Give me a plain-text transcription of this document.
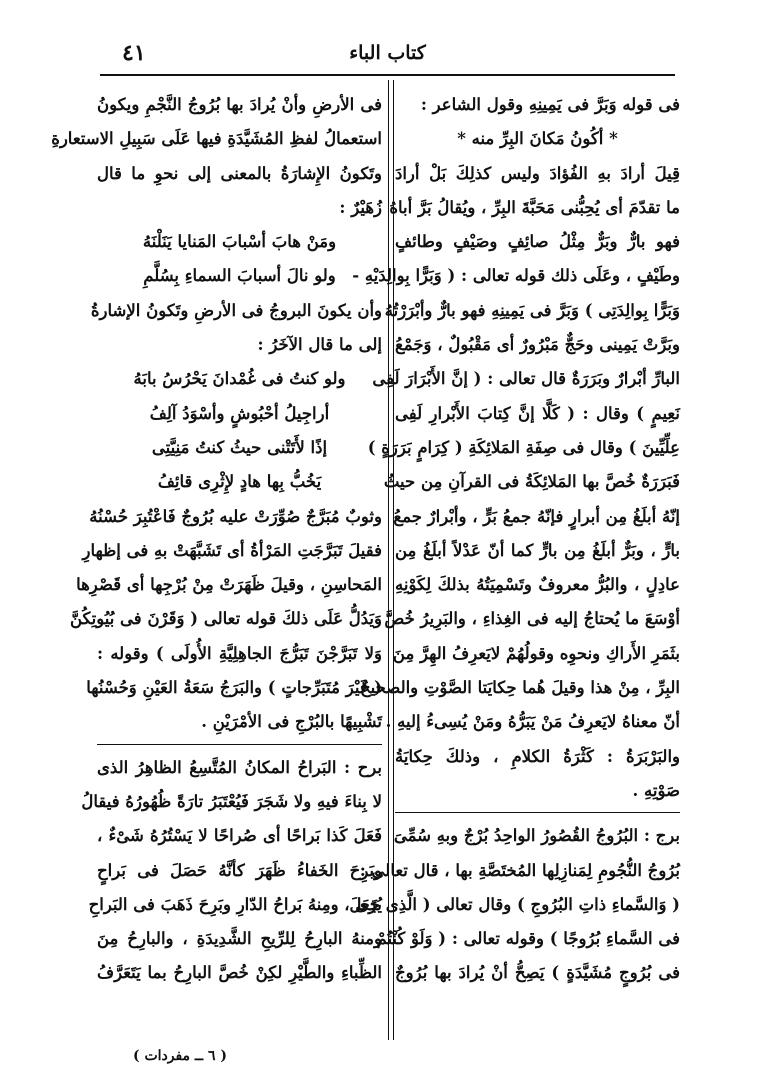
٤١	كتاب الباء
فى قوله وَبَرَّ فى يَمِينِهِ وقول الشاعر :
* أكُونُ مَكانَ البِرِّ منه *
قِيلَ أرادَ بهِ الفُؤادَ وليس كذلِكَ بَلْ أرادَ
ما تقدّمَ أى يُحِبُّنى مَحَبَّةَ البِرِّ ، ويُقالُ بَرَّ أباهُ
فهو بارٌّ وبَرٌّ مِثْلُ صائِفٍ وصَيْفٍ وطائفٍ
وطَيْفٍ ، وعَلَى ذلك قوله تعالى : ( وَبَرًّا بِوالِدَيْهِ -
وَبَرًّا بِوالِدَتِى ) وَبَرَّ فى يَمِينِهِ فهو بارٌّ وأبْرَرْتُهُ
وبَرَّتْ يَمِينى وحَجٌّ مَبْرُورٌ أى مَقْبُولٌ ، وَجَمْعُ
البارِّ أبْرارٌ وبَرَرَةٌ قال تعالى : ( إنَّ الأَبْرَارَ لَفِى
نَعِيمٍ ) وقال : ( كَلَّا إنَّ كِتابَ الأَبْرارِ لَفِى
عِلِّيِّينَ ) وقال فى صِفَةِ المَلائِكَةِ ( كِرَامٍ بَرَرَةٍ )
فَبَرَرَةٌ خُصَّ بها المَلائِكَةُ فى القرآنِ مِن حيثُ
إنّهُ أبلَغُ مِن أبرارٍ فإنّهُ جمعُ بَرٍّ ، وأبْرارٌ جمعُ
بارٍّ ، وبَرٌّ أبلَغُ مِن بارٍّ كما أنّ عَدْلاً أبلَغُ مِن
عادِلٍ ، والبُرُّ معروفٌ وتَسْمِيَتُهُ بذلكَ لِكَوْنِهِ
أوْسَعَ ما يُحتاجُ إليه فى الغِذاءِ ، والبَرِيرُ خُصَّ
بثَمَرِ الأَراكِ ونحوِه وقولُهُمْ لايَعرِفُ الهِرَّ مِنَ
البِرِّ ، مِنْ هذا وقيلَ هُما حِكايَتا الصَّوْتِ والصحيحُ
أنّ معناهُ لايَعرِفُ مَنْ يَبَرُّهُ ومَنْ يُسِىءُ إليهِ .
والبَرْبَرَةُ : كَثْرَةُ الكلامِ ، وذلكَ حِكايَةُ
صَوْتِهِ .
برج : البُرُوجُ القُصُورُ الواحِدُ بُرْجٌ وبهِ سُمِّىَ
بُرُوجُ النُّجُومِ لِمَنازِلِها المُختَصَّةِ بها ، قال تعالى :
( وَالسَّماءِ ذاتِ البُرُوجِ ) وقال تعالى ( الَّذِى جَعَلَ
فى السَّماءِ بُرُوجًا ) وقوله تعالى : ( وَلَوْ كُنْتُمْ
فى بُرُوجٍ مُشَيَّدَةٍ ) يَصِحُّ أنْ يُرادَ بها بُرُوجٌ
فى الأرضِ وأنْ يُرادَ بها بُرُوجُ النَّجْمِ ويكونُ
استعمالُ لفظِ المُشَيَّدَةِ فيها عَلَى سَبِيلِ الاستعارةِ
وتَكونُ الإِشارَةُ بالمعنى إلى نحوِ ما قال
زُهَيْرٌ :
ومَنْ هابَ أسْبابَ المَنايا يَنَلْنَهُ
ولو نالَ أسبابَ السماءِ بِسُلَّمِ
وأن يكونَ البروجُ فى الأرضِ وتَكونُ الإشارةُ
إلى ما قال الآخَرُ :
ولو كنتُ فى غُمْدانَ يَحْرُسُ بابَهُ
أراجِيلُ أحْبُوشٍ وأسْوَدُ آلِفُ
إذًا لأَتَتْنى حيثُ كنتُ مَنِيَّتِى
يَخُبُّ بِها هادٍ لإِثْرِى قائِفُ
وثوبٌ مُبَرَّجٌ صُوِّرَتْ عليه بُرُوجٌ فَاعْتُبِرَ حُسْنُهُ
فقيلَ تَبَرَّجَتِ المَرْأةُ أى تَشَبَّهَتْ بهِ فى إظهارِ
المَحاسِنِ ، وقيلَ ظَهَرَتْ مِنْ بُرْجِها أى قَصْرِها
وَيَدُلُّ عَلَى ذلكَ قوله تعالى ( وَقَرْنَ فى بُيُوتِكُنَّ
وَلا تَبَرَّجْنَ تَبَرُّجَ الجاهِلِيَّةِ الأُولَى ) وقوله :
( غَيْرَ مُتَبَرِّجاتٍ ) والبَرَجُ سَعَةُ العَيْنِ وَحُسْنُها
تَشْبِيهًا بالبُرْجِ فى الأمْرَيْنِ .
برح : البَراحُ المكانُ المُتَّسِعُ الظاهِرُ الذى
لا بِناءَ فيهِ ولا شَجَرَ فَيُعْتَبَرُ تارَةً ظُهُورُهُ فيقالُ
فَعَلَ كَذا بَراحًا أى صُراحًا لا يَسْتُرُهُ شَىْءٌ ،
وبَرِحَ الخَفاءُ ظَهَرَ كأنَّهُ حَصَلَ فى بَراحٍ
يُرَى ، ومِنهُ بَراحُ الدّارِ وبَرِحَ ذَهَبَ فى البَراحِ
ومنهُ البارِحُ لِلرِّيحِ الشَّدِيدَةِ ، والبارِحُ مِنَ
الظِّباءِ والطَّيْرِ لكِنْ خُصَّ البارِحُ بما يَتَعَرَّفُ
( ٦ ــ مفردات )
